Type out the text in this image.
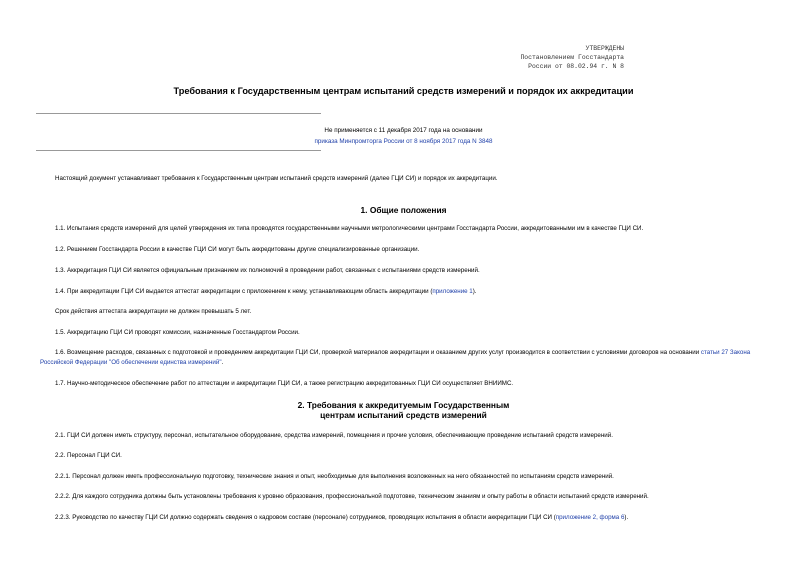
УТВЕРЖДЕНЫ
Постановлением Госстандарта
России от 08.02.94 г. N 8
Требования к Государственным центрам испытаний средств измерений и порядок их аккредитации
Не применяется с 11 декабря 2017 года на основании
приказа Минпромторга России от 8 ноября 2017 года N 3848
Настоящий документ устанавливает требования к Государственным центрам испытаний средств измерений (далее ГЦИ СИ) и порядок их аккредитации.
1. Общие положения
1.1. Испытания средств измерений для целей утверждения их типа проводятся государственными научными метрологическими центрами Госстандарта России, аккредитованными им в качестве ГЦИ СИ.
1.2. Решением Госстандарта России в качестве ГЦИ СИ могут быть аккредитованы другие специализированные организации.
1.3. Аккредитация ГЦИ СИ является официальным признанием их полномочий в проведении работ, связанных с испытаниями средств измерений.
1.4. При аккредитации ГЦИ СИ выдается аттестат аккредитации с приложением к нему, устанавливающим область аккредитации (приложение 1).
Срок действия аттестата аккредитации не должен превышать 5 лет.
1.5. Аккредитацию ГЦИ СИ проводят комиссии, назначенные Госстандартом России.
1.6. Возмещение расходов, связанных с подготовкой и проведением аккредитации ГЦИ СИ, проверкой материалов аккредитации и оказанием других услуг производится в соответствии с условиями договоров на основании статьи 27 Закона Российской Федерации "Об обеспечении единства измерений".
1.7. Научно-методическое обеспечение работ по аттестации и аккредитации ГЦИ СИ, а также регистрацию аккредитованных ГЦИ СИ осуществляет ВНИИМС.
2. Требования к аккредитуемым Государственным
центрам испытаний средств измерений
2.1. ГЦИ СИ должен иметь структуру, персонал, испытательное оборудование, средства измерений, помещения и прочие условия, обеспечивающие проведение испытаний средств измерений.
2.2. Персонал ГЦИ СИ.
2.2.1. Персонал должен иметь профессиональную подготовку, технические знания и опыт, необходимые для выполнения возложенных на него обязанностей по испытаниям средств измерений.
2.2.2. Для каждого сотрудника должны быть установлены требования к уровню образования, профессиональной подготовке, техническим знаниям и опыту работы в области испытаний средств измерений.
2.2.3. Руководство по качеству ГЦИ СИ должно содержать сведения о кадровом составе (персонале) сотрудников, проводящих испытания в области аккредитации ГЦИ СИ (приложение 2, форма 6).
